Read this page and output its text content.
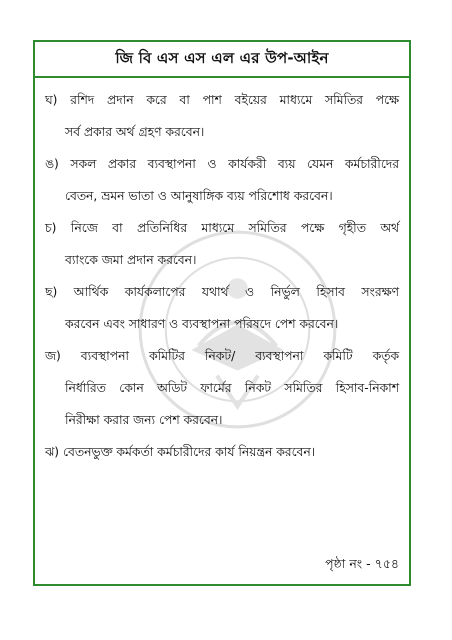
জি বি এস এস এল এর উপ-আইন
ঘ) রশিদ প্রদান করে বা পাশ বইয়ের মাধ্যমে সমিতির পক্ষে
সর্ব প্রকার অর্থ গ্রহণ করবেন।
ঙ) সকল প্রকার ব্যবস্থাপনা ও কার্যকরী ব্যয় যেমন কর্মচারীদের
বেতন, ভ্রমন ভাতা ও আনুষাঙ্গিক ব্যয় পরিশোধ করবেন।
চ) নিজে বা প্রতিনিধির মাধ্যমে সমিতির পক্ষে গৃহীত অর্থ
ব্যাংকে জমা প্রদান করবেন।
ছ) আর্থিক কার্যকলাপের যথার্থ ও নির্ভুল হিসাব সংরক্ষণ
করবেন এবং সাধারণ ও ব্যবস্থাপনা পরিষদে পেশ করবেন।
জ) ব্যবস্থাপনা কমিটির নিকট/ ব্যবস্থাপনা কমিটি কর্তৃক
নির্ধারিত কোন অডিট ফার্মের নিকট সমিতির হিসাব-নিকাশ
নিরীক্ষা করার জন্য পেশ করবেন।
ঝ) বেতনভুক্ত কর্মকর্তা কর্মচারীদের কার্য নিয়ন্ত্রন করবেন।
পৃষ্ঠা নং - ৭৫৪
